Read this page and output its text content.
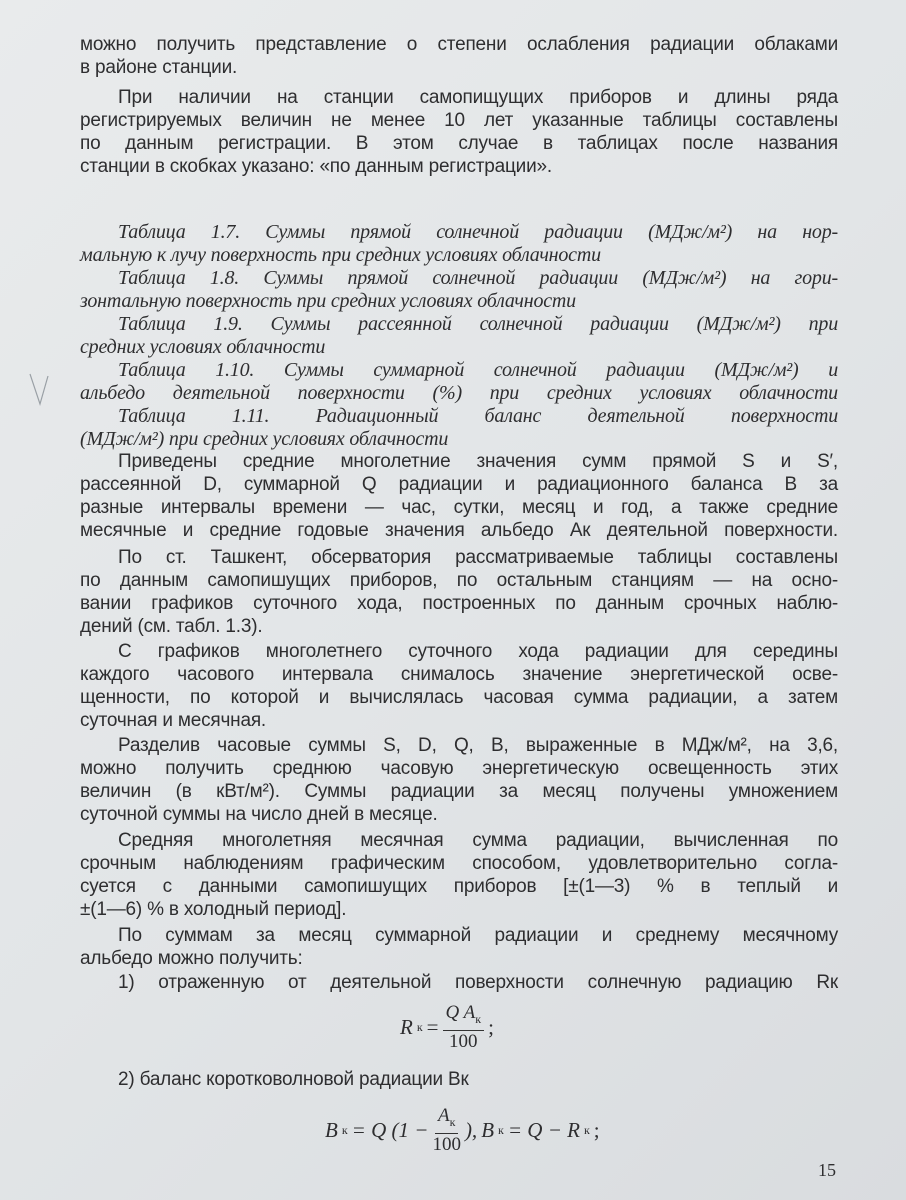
можно получить представление о степени ослабления радиации облаками
в районе станции.
При наличии на станции самопищущих приборов и длины ряда
регистрируемых величин не менее 10 лет указанные таблицы составлены
по данным регистрации. В этом случае в таблицах после названия
станции в скобках указано: «по данным регистрации».
Таблица 1.7. Суммы прямой солнечной радиации (МДж/м²) на нор-
мальную к лучу поверхность при средних условиях облачности
Таблица 1.8. Суммы прямой солнечной радиации (МДж/м²) на гори-
зонтальную поверхность при средних условиях облачности
Таблица 1.9. Суммы рассеянной солнечной радиации (МДж/м²) при
средних условиях облачности
Таблица 1.10. Суммы суммарной солнечной радиации (МДж/м²) и
альбедо деятельной поверхности (%) при средних условиях облачности
Таблица 1.11. Радиационный баланс деятельной поверхности
(МДж/м²) при средних условиях облачности
Приведены средние многолетние значения сумм прямой S и S′,
рассеянной D, суммарной Q радиации и радиационного баланса B за
разные интервалы времени — час, сутки, месяц и год, а также средние
месячные и средние годовые значения альбедо Aк деятельной поверхности.
По ст. Ташкент, обсерватория рассматриваемые таблицы составлены
по данным самопишущих приборов, по остальным станциям — на осно-
вании графиков суточного хода, построенных по данным срочных наблю-
дений (см. табл. 1.3).
С графиков многолетнего суточного хода радиации для середины
каждого часового интервала снималось значение энергетической осве-
щенности, по которой и вычислялась часовая сумма радиации, а затем
суточная и месячная.
Разделив часовые суммы S, D, Q, B, выраженные в МДж/м², на 3,6,
можно получить среднюю часовую энергетическую освещенность этих
величин (в кВт/м²). Суммы радиации за месяц получены умножением
суточной суммы на число дней в месяце.
Средняя многолетняя месячная сумма радиации, вычисленная по
срочным наблюдениям графическим способом, удовлетворительно согла-
суется с данными самопишущих приборов [±(1—3) % в теплый и
±(1—6) % в холодный период].
По суммам за месяц суммарной радиации и среднему месячному
альбедо можно получить:
1) отраженную от деятельной поверхности солнечную радиацию Rк
2) баланс коротковолновой радиации Bк
R $к = \frac{Q A_к}{100}$ ;
B к = Q ($1 - \frac{A_к}{100}$ ), B к = Q − R к ;
15
